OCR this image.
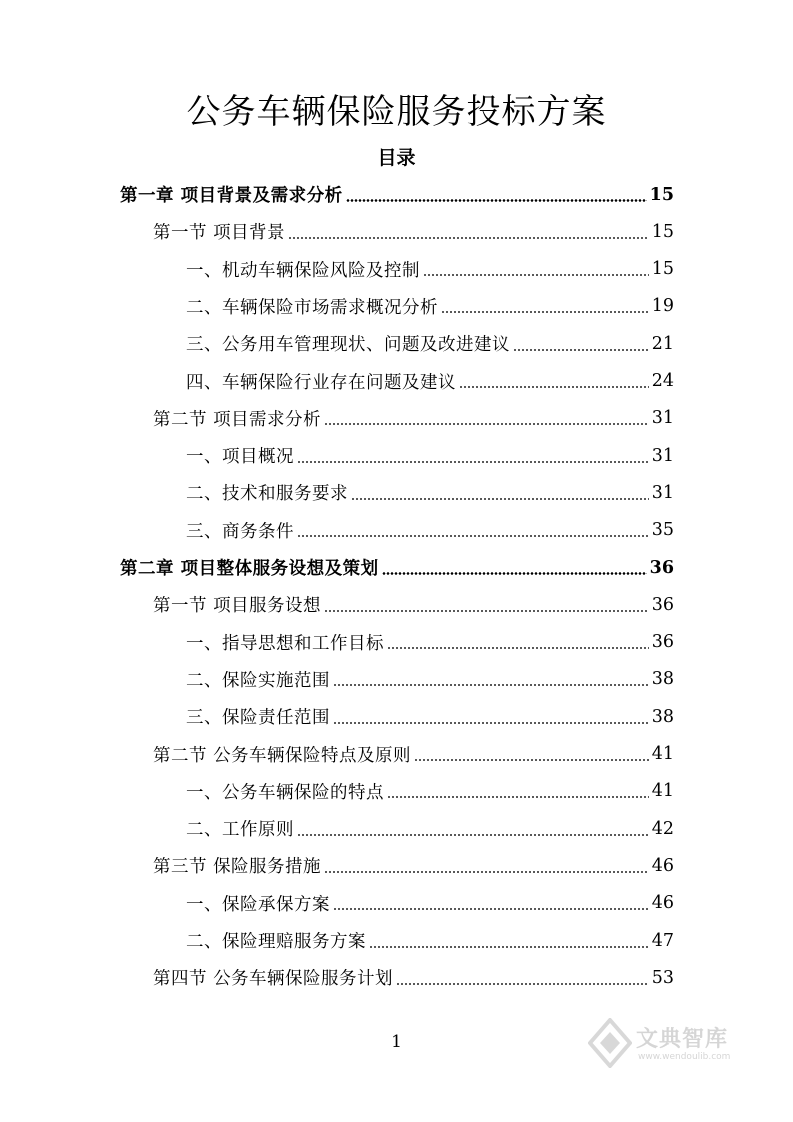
公务车辆保险服务投标方案
目录
第一章 项目背景及需求分析	15
第一节 项目背景	15
一、机动车辆保险风险及控制	15
二、车辆保险市场需求概况分析	19
三、公务用车管理现状、问题及改进建议	21
四、车辆保险行业存在问题及建议	24
第二节 项目需求分析	31
一、项目概况	31
二、技术和服务要求	31
三、商务条件	35
第二章 项目整体服务设想及策划	36
第一节 项目服务设想	36
一、指导思想和工作目标	36
二、保险实施范围	38
三、保险责任范围	38
第二节 公务车辆保险特点及原则	41
一、公务车辆保险的特点	41
二、工作原则	42
第三节 保险服务措施	46
一、保险承保方案	46
二、保险理赔服务方案	47
第四节 公务车辆保险服务计划	53
1	文典智库
www.wendoulib.com
